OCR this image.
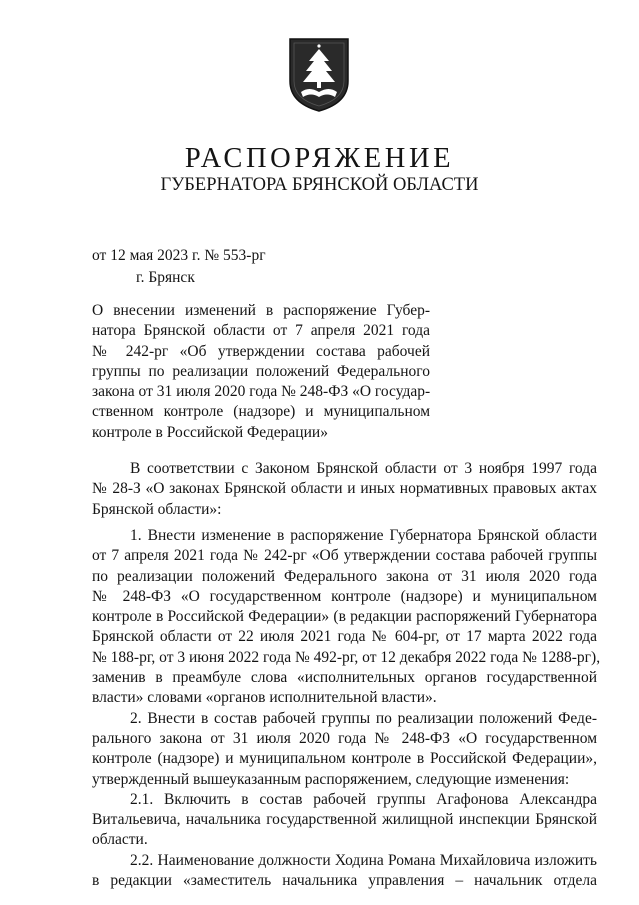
РАСПОРЯЖЕНИЕ
ГУБЕРНАТОРА БРЯНСКОЙ ОБЛАСТИ
от 12 мая 2023 г. № 553-рг
г. Брянск
О внесении изменений в распоряжение Губер-
натора Брянской области от 7 апреля 2021 года
№ 242-рг «Об утверждении состава рабочей
группы по реализации положений Федерального
закона от 31 июля 2020 года № 248-ФЗ «О государ-
ственном контроле (надзоре) и муниципальном
контроле в Российской Федерации»
В соответствии с Законом Брянской области от 3 ноября 1997 года
№ 28-З «О законах Брянской области и иных нормативных правовых актах
Брянской области»:
1. Внести изменение в распоряжение Губернатора Брянской области
от 7 апреля 2021 года № 242-рг «Об утверждении состава рабочей группы
по реализации положений Федерального закона от 31 июля 2020 года
№ 248-ФЗ «О государственном контроле (надзоре) и муниципальном
контроле в Российской Федерации» (в редакции распоряжений Губернатора
Брянской области от 22 июля 2021 года № 604-рг, от 17 марта 2022 года
№ 188-рг, от 3 июня 2022 года № 492-рг, от 12 декабря 2022 года № 1288-рг),
заменив в преамбуле слова «исполнительных органов государственной
власти» словами «органов исполнительной власти».
2. Внести в состав рабочей группы по реализации положений Феде-
рального закона от 31 июля 2020 года № 248-ФЗ «О государственном
контроле (надзоре) и муниципальном контроле в Российской Федерации»,
утвержденный вышеуказанным распоряжением, следующие изменения:
2.1. Включить в состав рабочей группы Агафонова Александра
Витальевича, начальника государственной жилищной инспекции Брянской
области.
2.2. Наименование должности Ходина Романа Михайловича изложить
в редакции «заместитель начальника управления – начальник отдела
